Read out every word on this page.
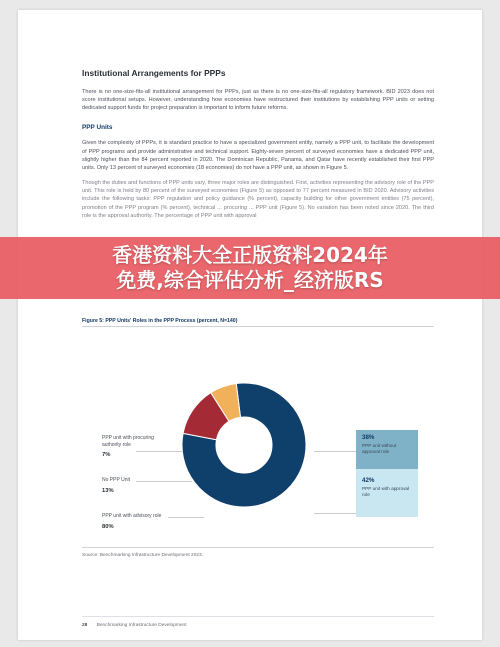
Institutional Arrangements for PPPs

There is no one-size-fits-all institutional arrangement for PPPs, just as there is no one-size-fits-all regulatory framework. BID 2023 does not score institutional setups. However, understanding how economies have restructured their institutions by establishing PPP units or setting dedicated support funds for project preparation is important to inform future reforms.

PPP Units

Given the complexity of PPPs, it is standard practice to have a specialized government entity, namely a PPP unit, to facilitate the development of PPP programs and provide administrative and technical support. Eighty-seven percent of surveyed economies have a dedicated PPP unit, slightly higher than the 84 percent reported in 2020. The Dominican Republic, Panama, and Qatar have recently established their first PPP units. Only 13 percent of surveyed economies (18 economies) do not have a PPP unit, as shown in Figure 5.

Though the duties and functions of PPP units vary, three major roles are distinguished. First, activities representing the advisory role of the PPP unit. This role is held by 80 percent of the surveyed economies (Figure 5) as opposed to 77 percent measured in BID 2020. Advisory activities include the following tasks: PPP regulation and policy guidance (% percent), capacity building for other government entities (75 percent), promotion of the PPP program (% percent), technical ... procuring ... PPP unit (Figure 5). No variation has been noted since 2020. The third role is the approval authority. The percentage of PPP unit with approval

Figure 5: PPP Units' Roles in the PPP Process (percent, N=140)
PPP unit with procuring authority role
7%
No PPP Unit
13%
PPP unit with advisory role
80%
38%
PPP unit without approval role
42%
PPP unit with approval role
Source: Benchmarking Infrastructure Development 2023.
28 Benchmarking Infrastructure Development
香港资料大全正版资料2024年
免费,综合评估分析_经济版RS
